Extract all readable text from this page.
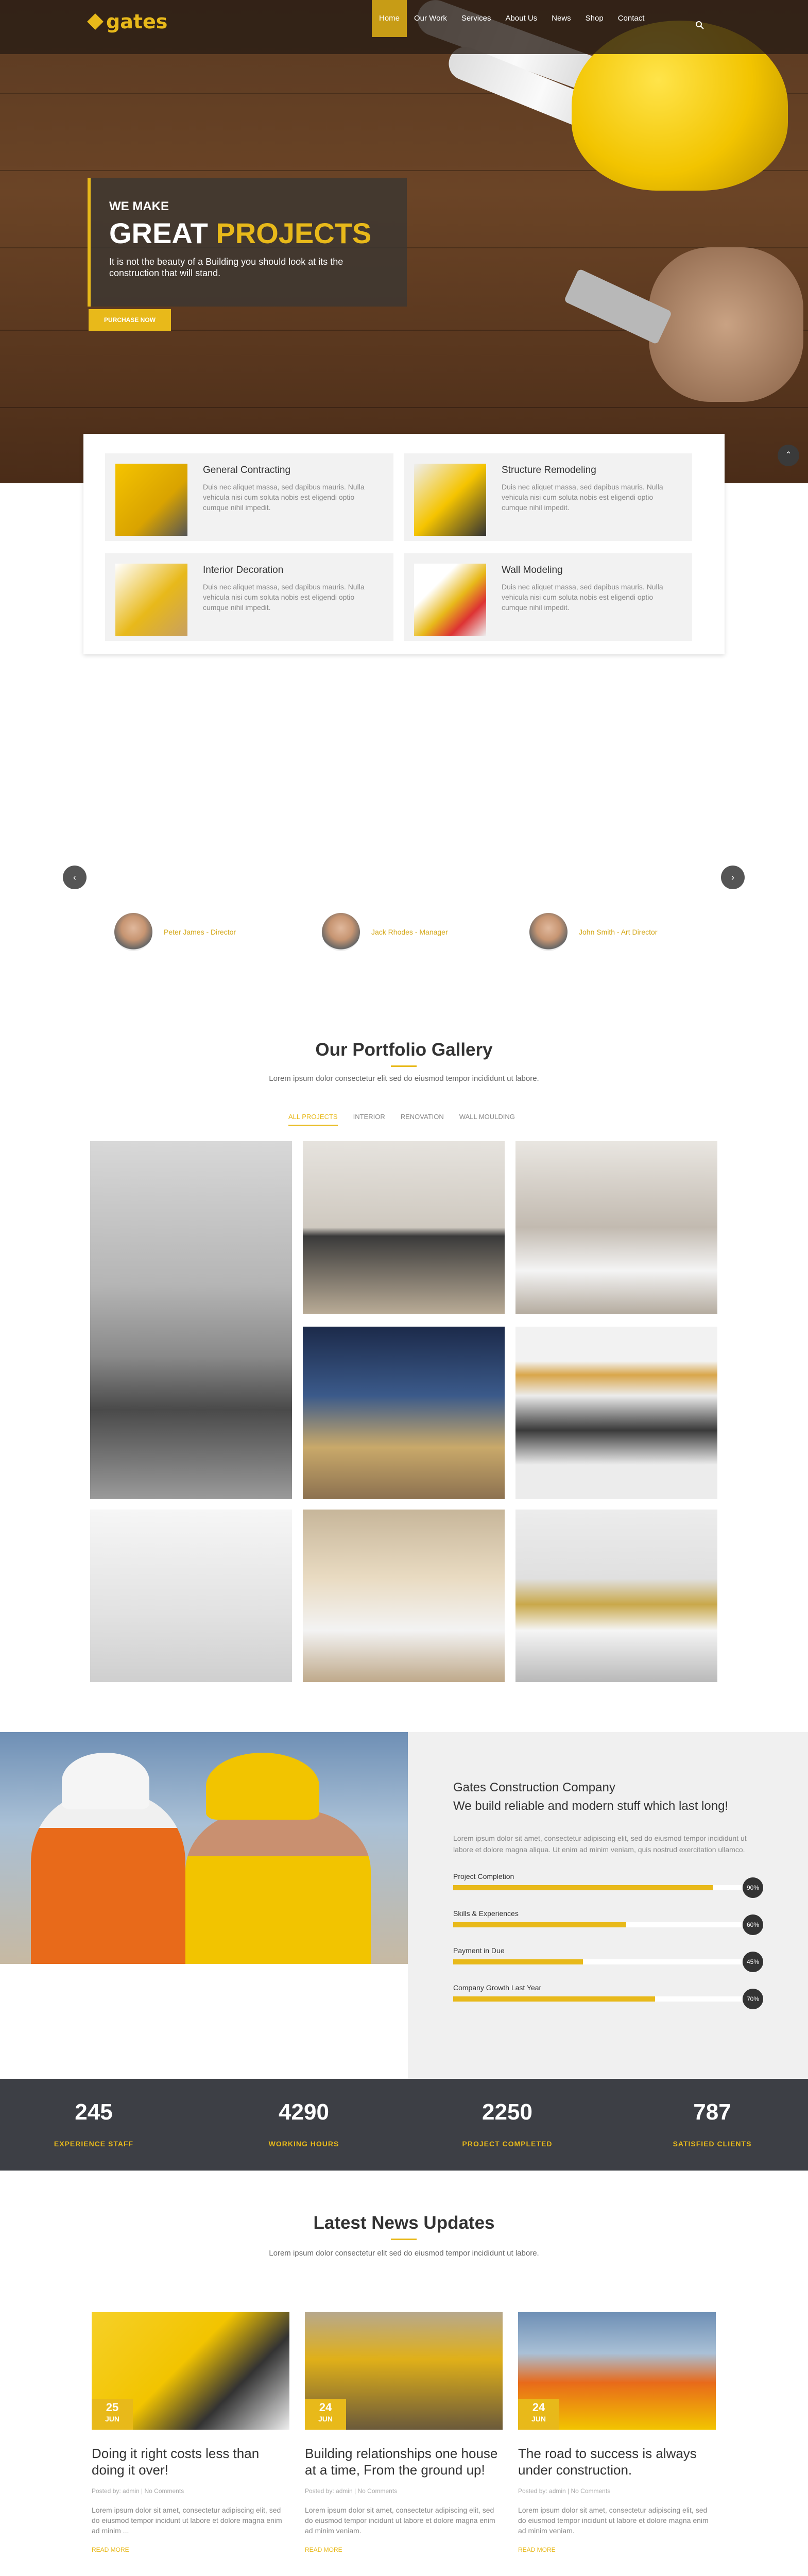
WE MAKE
GREAT PROJECTS
It is not the beauty of a Building you should look at its the construction that will stand.
PURCHASE NOW
⌃
gates	Home	Our Work	Services	About Us	News	Shop	Contact
General Contracting

Duis nec aliquet massa, sed dapibus mauris. Nulla vehicula nisi cum soluta nobis est eligendi optio cumque nihil impedit.

Structure Remodeling

Duis nec aliquet massa, sed dapibus mauris. Nulla vehicula nisi cum soluta nobis est eligendi optio cumque nihil impedit.

Interior Decoration

Duis nec aliquet massa, sed dapibus mauris. Nulla vehicula nisi cum soluta nobis est eligendi optio cumque nihil impedit.

Wall Modeling

Duis nec aliquet massa, sed dapibus mauris. Nulla vehicula nisi cum soluta nobis est eligendi optio cumque nihil impedit.

‹	›
Peter James - Director	Jack Rhodes - Manager	John Smith - Art Director
Our Portfolio Gallery
Lorem ipsum dolor consectetur elit sed do eiusmod tempor incididunt ut labore.
ALL PROJECTS INTERIOR RENOVATION WALL MOULDING
Gates Construction Company
We build reliable and modern stuff which last long!
Lorem ipsum dolor sit amet, consectetur adipiscing elit, sed do eiusmod tempor incididunt ut labore et dolore magna aliqua. Ut enim ad minim veniam, quis nostrud exercitation ullamco.
Project Completion
90%
Skills & Experiences
60%
Payment in Due
45%
Company Growth Last Year
70%
245
EXPERIENCE STAFF
4290
WORKING HOURS
2250
PROJECT COMPLETED
787
SATISFIED CLIENTS
Latest News Updates
Lorem ipsum dolor consectetur elit sed do eiusmod tempor incididunt ut labore.
25
JUN
Doing it right costs less than doing it over!
Posted by: admin | No Comments

Lorem ipsum dolor sit amet, consectetur adipiscing elit, sed do eiusmod tempor incidunt ut labore et dolore magna enim ad minim ...

READ MORE
24
JUN
Building relationships one house at a time, From the ground up!
Posted by: admin | No Comments

Lorem ipsum dolor sit amet, consectetur adipiscing elit, sed do eiusmod tempor incidunt ut labore et dolore magna enim ad minim veniam.

READ MORE
24
JUN
The road to success is always under construction.
Posted by: admin | No Comments

Lorem ipsum dolor sit amet, consectetur adipiscing elit, sed do eiusmod tempor incidunt ut labore et dolore magna enim ad minim veniam.

READ MORE
